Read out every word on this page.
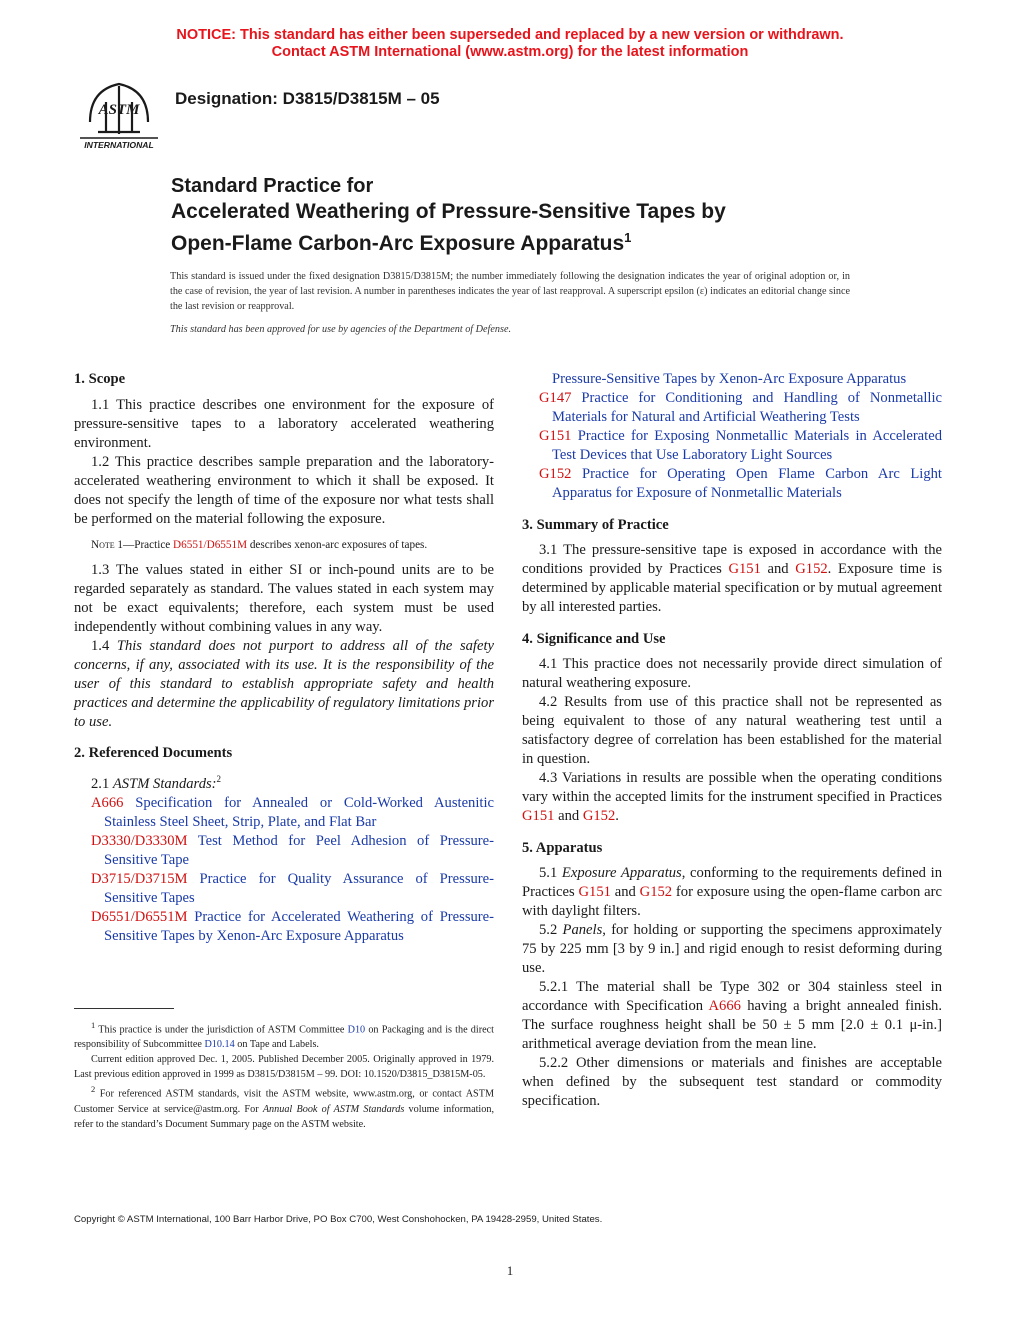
NOTICE: This standard has either been superseded and replaced by a new version or withdrawn.
Contact ASTM International (www.astm.org) for the latest information
ASTM
INTERNATIONAL
Designation: D3815/D3815M – 05
Standard Practice for
Accelerated Weathering of Pressure-Sensitive Tapes by
Open-Flame Carbon-Arc Exposure Apparatus$^1$
This standard is issued under the fixed designation D3815/D3815M; the number immediately following the designation indicates the year of original adoption or, in the case of revision, the year of last revision. A number in parentheses indicates the year of last reapproval. A superscript epsilon (ε) indicates an editorial change since the last revision or reapproval.
This standard has been approved for use by agencies of the Department of Defense.

1. Scope

1.1 This practice describes one environment for the exposure of pressure-sensitive tapes to a laboratory accelerated weathering environment.

1.2 This practice describes sample preparation and the laboratory-accelerated weathering environment to which it shall be exposed. It does not specify the length of time of the exposure nor what tests shall be performed on the material following the exposure.

Note 1—Practice D6551/D6551M describes xenon-arc exposures of tapes.

1.3 The values stated in either SI or inch-pound units are to be regarded separately as standard. The values stated in each system may not be exact equivalents; therefore, each system must be used independently without combining values in any way.

1.4 This standard does not purport to address all of the safety concerns, if any, associated with its use. It is the responsibility of the user of this standard to establish appropriate safety and health practices and determine the applicability of regulatory limitations prior to use.

2. Referenced Documents

2.1 ASTM Standards:$^2$

A666 Specification for Annealed or Cold-Worked Austenitic Stainless Steel Sheet, Strip, Plate, and Flat Bar

D3330/D3330M Test Method for Peel Adhesion of Pressure-Sensitive Tape

D3715/D3715M Practice for Quality Assurance of Pressure-Sensitive Tapes

D6551/D6551M Practice for Accelerated Weathering of Pressure-Sensitive Tapes by Xenon-Arc Exposure Apparatus

Pressure-Sensitive Tapes by Xenon-Arc Exposure Apparatus

G147 Practice for Conditioning and Handling of Nonmetallic Materials for Natural and Artificial Weathering Tests

G151 Practice for Exposing Nonmetallic Materials in Accelerated Test Devices that Use Laboratory Light Sources

G152 Practice for Operating Open Flame Carbon Arc Light Apparatus for Exposure of Nonmetallic Materials

3. Summary of Practice

3.1 The pressure-sensitive tape is exposed in accordance with the conditions provided by Practices G151 and G152. Exposure time is determined by applicable material specification or by mutual agreement by all interested parties.

4. Significance and Use

4.1 This practice does not necessarily provide direct simulation of natural weathering exposure.

4.2 Results from use of this practice shall not be represented as being equivalent to those of any natural weathering test until a satisfactory degree of correlation has been established for the material in question.

4.3 Variations in results are possible when the operating conditions vary within the accepted limits for the instrument specified in Practices G151 and G152.

5. Apparatus

5.1 Exposure Apparatus, conforming to the requirements defined in Practices G151 and G152 for exposure using the open-flame carbon arc with daylight filters.

5.2 Panels, for holding or supporting the specimens approximately 75 by 225 mm [3 by 9 in.] and rigid enough to resist deforming during use.

5.2.1 The material shall be Type 302 or 304 stainless steel in accordance with Specification A666 having a bright annealed finish. The surface roughness height shall be 50 ± 5 mm [2.0 ± 0.1 μ-in.] arithmetical average deviation from the mean line.

5.2.2 Other dimensions or materials and finishes are acceptable when defined by the subsequent test standard or commodity specification.

$^1$ This practice is under the jurisdiction of ASTM Committee D10 on Packaging and is the direct responsibility of Subcommittee D10.14 on Tape and Labels.

Current edition approved Dec. 1, 2005. Published December 2005. Originally approved in 1979. Last previous edition approved in 1999 as D3815/D3815M – 99. DOI: 10.1520/D3815_D3815M-05.

$^2$ For referenced ASTM standards, visit the ASTM website, www.astm.org, or contact ASTM Customer Service at service@astm.org. For Annual Book of ASTM Standards volume information, refer to the standard’s Document Summary page on the ASTM website.

Copyright © ASTM International, 100 Barr Harbor Drive, PO Box C700, West Conshohocken, PA 19428-2959, United States.
1
